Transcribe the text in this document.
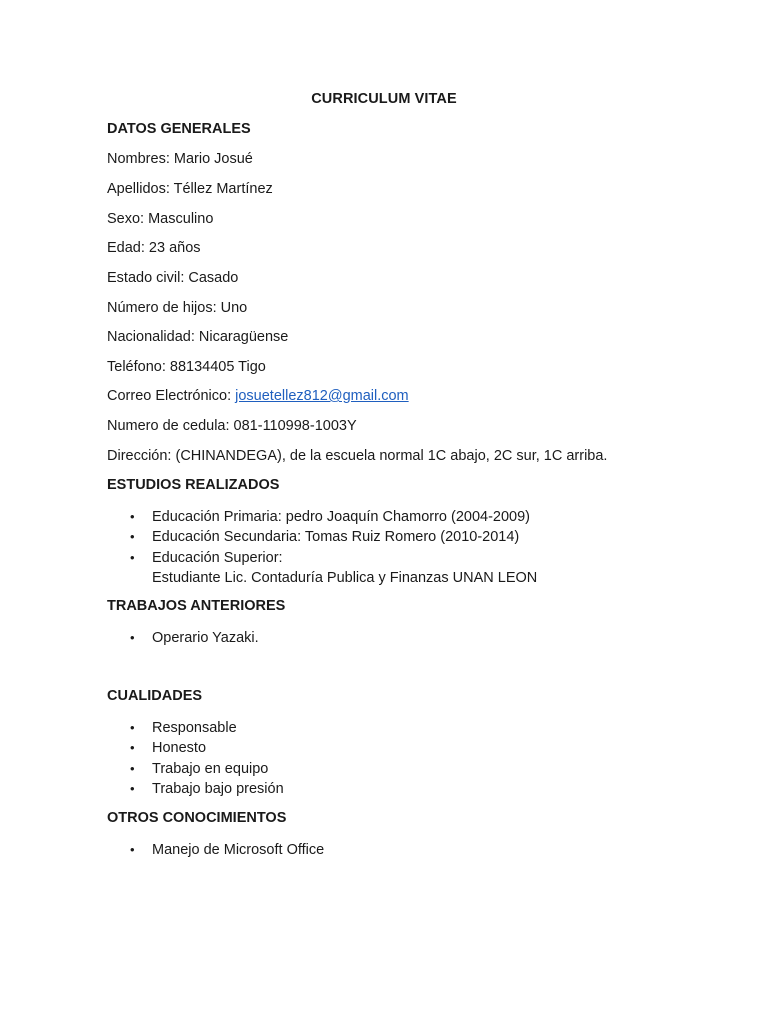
CURRICULUM VITAE
DATOS GENERALES
Nombres: Mario Josué
Apellidos: Téllez Martínez
Sexo: Masculino
Edad: 23 años
Estado civil: Casado
Número de hijos: Uno
Nacionalidad: Nicaragüense
Teléfono: 88134405 Tigo
Correo Electrónico: josuetellez812@gmail.com
Numero de cedula: 081-110998-1003Y
Dirección: (CHINANDEGA), de la escuela normal 1C abajo, 2C sur, 1C arriba.
ESTUDIOS REALIZADOS
• Educación Primaria: pedro Joaquín Chamorro (2004-2009)
• Educación Secundaria: Tomas Ruiz Romero (2010-2014)
• Educación Superior:
Estudiante Lic. Contaduría Publica y Finanzas UNAN LEON
TRABAJOS ANTERIORES
• Operario Yazaki.
CUALIDADES
• Responsable
• Honesto
• Trabajo en equipo
• Trabajo bajo presión
OTROS CONOCIMIENTOS
• Manejo de Microsoft Office
